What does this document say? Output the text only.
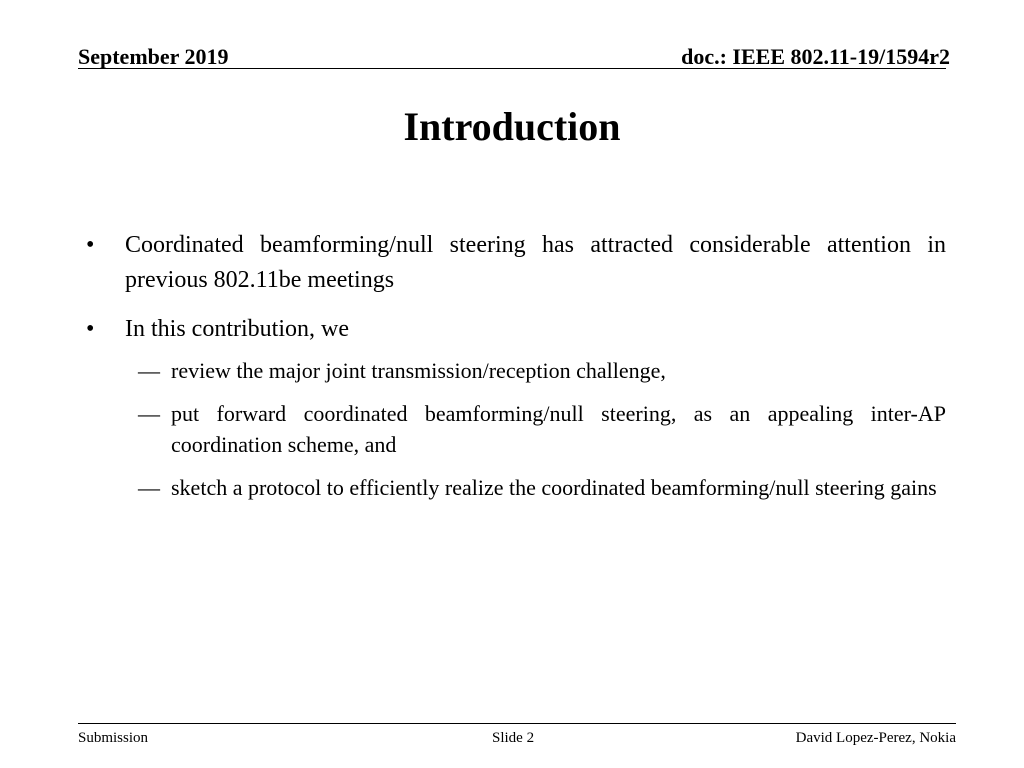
September 2019	doc.: IEEE 802.11-19/1594r2
Introduction
• Coordinated beamforming/null steering has attracted considerable attention in previous 802.11be meetings
• In this contribution, we
— review the major joint transmission/reception challenge,
— put forward coordinated beamforming/null steering, as an appealing inter-AP coordination scheme, and
— sketch a protocol to efficiently realize the coordinated beamforming/null steering gains
Submission	Slide 2	David Lopez-Perez, Nokia
